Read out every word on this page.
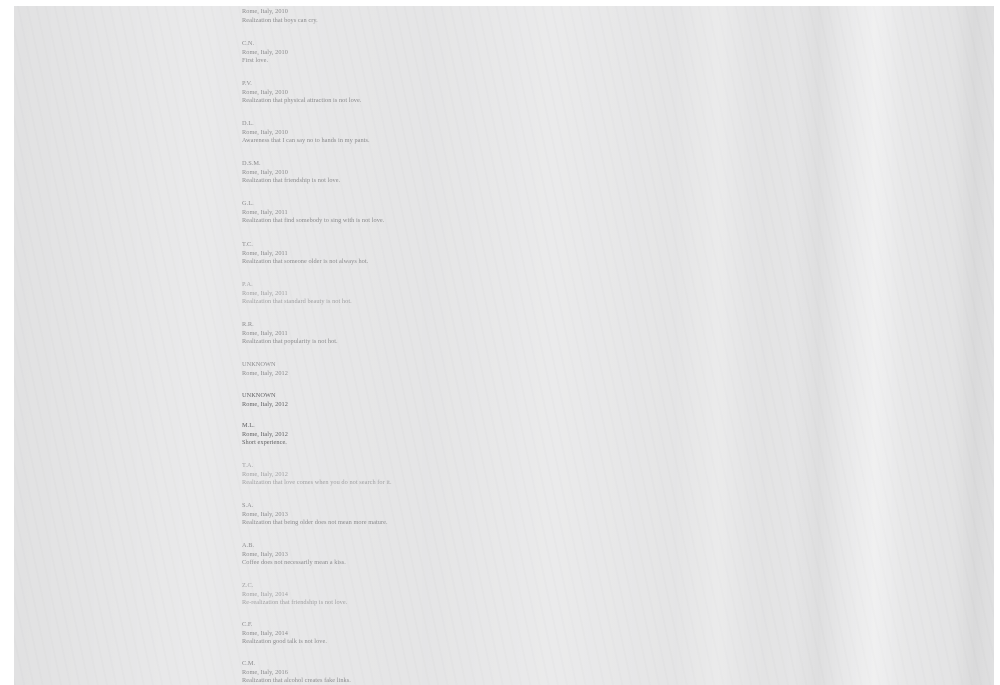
Rome, Italy, 2010
Realization that boys can cry.
C.N.
Rome, Italy, 2010
First love.
P.V.
Rome, Italy, 2010
Realization that physical attraction is not love.
D.L.
Rome, Italy, 2010
Awareness that I can say no to hands in my pants.
D.S.M.
Rome, Italy, 2010
Realization that friendship is not love.
G.L.
Rome, Italy, 2011
Realization that find somebody to sing with is not love.
T.C.
Rome, Italy, 2011
Realization that someone older is not always hot.
P.A.
Rome, Italy, 2011
Realization that standard beauty is not hot.
R.R.
Rome, Italy, 2011
Realization that popularity is not hot.
UNKNOWN
Rome, Italy, 2012
UNKNOWN
Rome, Italy, 2012
M.L.
Rome, Italy, 2012
Short experience.
T.A.
Rome, Italy, 2012
Realization that love comes when you do not search for it.
S.A.
Rome, Italy, 2013
Realization that being older does not mean more mature.
A.B.
Rome, Italy, 2013
Coffee does not necessarily mean a kiss.
Z.C.
Rome, Italy, 2014
Re-realization that friendship is not love.
C.F.
Rome, Italy, 2014
Realization good talk is not love.
C.M.
Rome, Italy, 2016
Realization that alcohol creates fake links.
